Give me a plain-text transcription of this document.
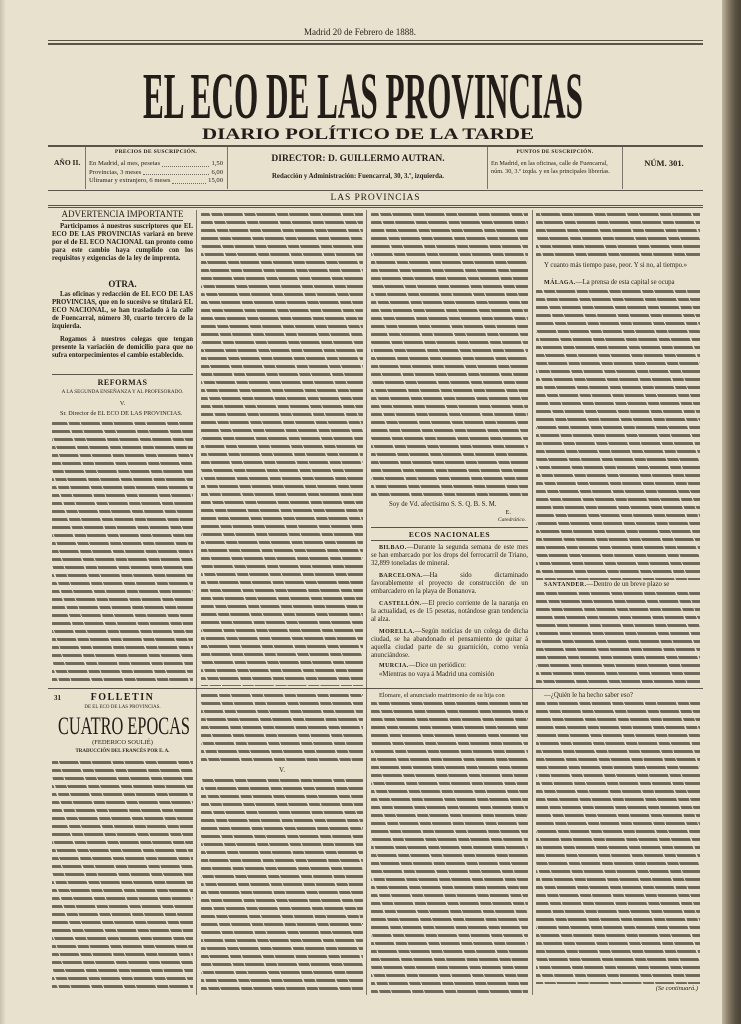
Madrid 20 de Febrero de 1888.
EL ECO DE LAS PROVINCIAS
DIARIO POLÍTICO DE LA TARDE
AÑO II.
PRECIOS DE SUSCRIPCIÓN.
En Madrid, al mes, pesetas	1,50
Provincias, 3 meses	6,00
Ultramar y extranjero, 6 meses	15,00
DIRECTOR: D. GUILLERMO AUTRAN.
Redacción y Administración: Fuencarral, 30, 3.º, izquierda.
PUNTOS DE SUSCRIPCIÓN.
En Madrid, en las oficinas, calle de Fuencarral, núm. 30, 3.º izqda. y en las principales librerías.
NÚM. 301.
LAS PROVINCIAS
ADVERTENCIA IMPORTANTE
Participamos á nuestros suscriptores que EL ECO DE LAS PROVINCIAS variará en breve por el de EL ECO NACIONAL tan pronto como para este cambio haya cumplido con los requisitos y exigencias de la ley de imprenta.
OTRA.
Las oficinas y redacción de EL ECO DE LAS PROVINCIAS, que en lo sucesivo se titulará EL ECO NACIONAL, se han trasladado á la calle de Fuencarral, número 30, cuarto tercero de la izquierda.
Rogamos á nuestros colegas que tengan presente la variación de domicilio para que no sufra entorpecimientos el cambio establecido.
REFORMAS
A LA SEGUNDA ENSEÑANZA Y AL PROFESORADO.
V.
Sr. Director de EL ECO DE LAS PROVINCIAS.
Soy de Vd. afectísimo S. S. Q. B. S. M.
E.
Catedrático.
ECOS NACIONALES
BILBAO.—Durante la segunda semana de este mes se han embarcado por los drops del ferrocarril de Triano, 32,899 toneladas de mineral.
BARCELONA.—Ha sido dictaminado favorablemente el proyecto de construcción de un embarcadero en la playa de Bonanova.
CASTELLÓN.—El precio corriente de la naranja en la actualidad, es de 15 pesetas, notándose gran tendencia al alza.
MORELLA.—Según noticias de un colega de dicha ciudad, se ha abandonado el pensamiento de quitar á aquella ciudad parte de su guarnición, como venía anunciándose.
MURCIA.—Dice un periódico:
«Mientras no vaya á Madrid una comisión
Y cuanto más tiempo pase, peor. Y si no, al tiempo.»
MÁLAGA.—La prensa de esta capital se ocupa
SANTANDER.—Dentro de un breve plazo se
31	FOLLETIN
DE EL ECO DE LAS PROVINCIAS.
CUATRO EPOCAS
(FEDERICO SOULIÉ)
TRADUCCIÓN DEL FRANCÉS POR E. A.
V.
Elomare, el anunciado matrimonio de su hija con	—¿Quién le ha hecho saber eso?
(Se continuará.)
